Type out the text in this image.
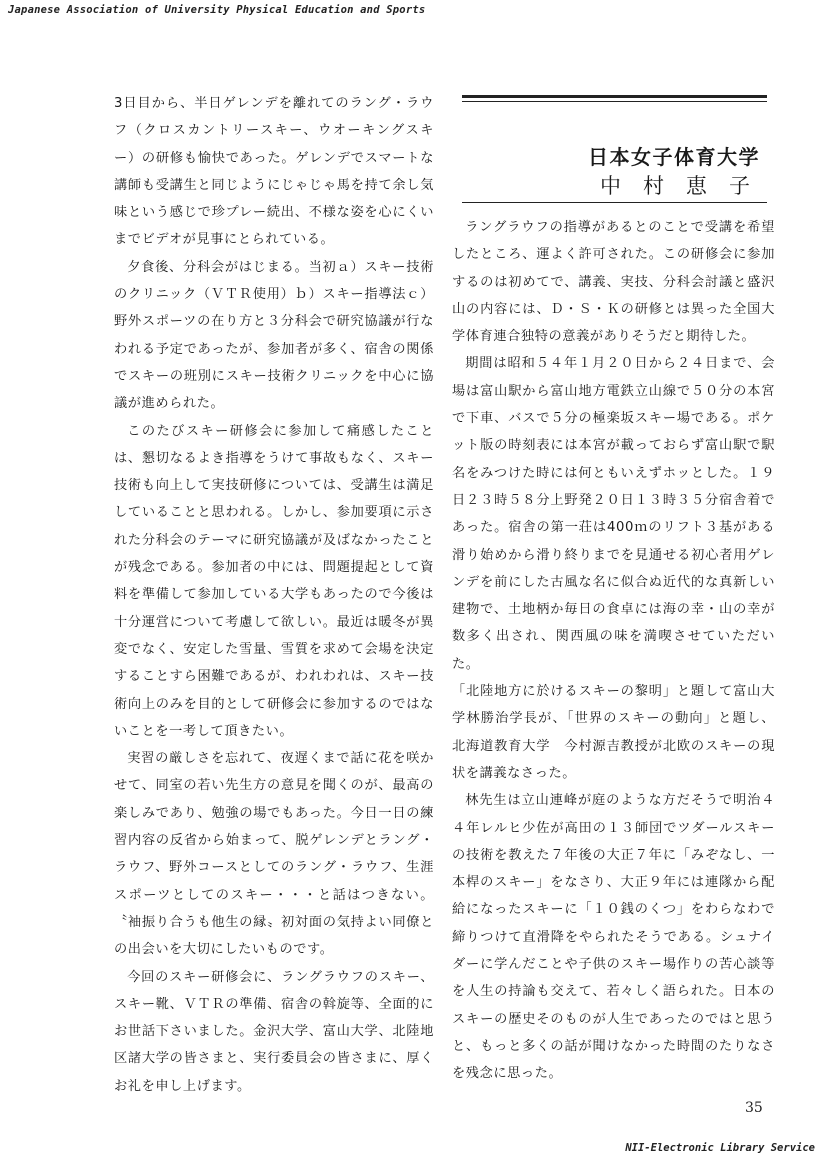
Japanese Association of University Physical Education and Sports

3日目から、半日ゲレンデを離れてのラング・ラウフ（クロスカントリースキー、ウオーキングスキー）の研修も愉快であった。ゲレンデでスマートな講師も受講生と同じようにじゃじゃ馬を持て余し気味という感じで珍プレー続出、不様な姿を心にくいまでビデオが見事にとられている。

夕食後、分科会がはじまる。当初ａ）スキー技術のクリニック（ＶＴＲ使用）ｂ）スキー指導法ｃ）野外スポーツの在り方と３分科会で研究協議が行なわれる予定であったが、参加者が多く、宿舎の関係でスキーの班別にスキー技術クリニックを中心に協議が進められた。

このたびスキー研修会に参加して痛感したことは、懇切なるよき指導をうけて事故もなく、スキー技術も向上して実技研修については、受講生は満足していることと思われる。しかし、参加要項に示された分科会のテーマに研究協議が及ばなかったことが残念である。参加者の中には、問題提起として資料を準備して参加している大学もあったので今後は十分運営について考慮して欲しい。最近は暖冬が異変でなく、安定した雪量、雪質を求めて会場を決定することすら困難であるが、われわれは、スキー技術向上のみを目的として研修会に参加するのではないことを一考して頂きたい。

実習の厳しさを忘れて、夜遅くまで話に花を咲かせて、同室の若い先生方の意見を聞くのが、最高の楽しみであり、勉強の場でもあった。今日一日の練習内容の反省から始まって、脱ゲレンデとラング・ラウフ、野外コースとしてのラング・ラウフ、生涯スポーツとしてのスキー・・・と話はつきない。〝袖振り合うも他生の縁〟初対面の気持よい同僚との出会いを大切にしたいものです。

今回のスキー研修会に、ラングラウフのスキー、スキー靴、ＶＴＲの準備、宿舎の斡旋等、全面的にお世話下さいました。金沢大学、富山大学、北陸地区諸大学の皆さまと、実行委員会の皆さまに、厚くお礼を申し上げます。

日本女子体育大学
中村恵子

ラングラウフの指導があるとのことで受講を希望したところ、運よく許可された。この研修会に参加するのは初めてで、講義、実技、分科会討議と盛沢山の内容には、Ｄ・Ｓ・Ｋの研修とは異った全国大学体育連合独特の意義がありそうだと期待した。

期間は昭和５４年１月２０日から２４日まで、会場は富山駅から富山地方電鉄立山線で５０分の本宮で下車、バスで５分の極楽坂スキー場である。ポケット版の時刻表には本宮が載っておらず富山駅で駅名をみつけた時には何ともいえずホッとした。１９日２３時５８分上野発２０日１３時３５分宿舎着であった。宿舎の第一荘は400ｍのリフト３基がある滑り始めから滑り終りまでを見通せる初心者用ゲレンデを前にした古風な名に似合ぬ近代的な真新しい建物で、土地柄か毎日の食卓には海の幸・山の幸が数多く出され、関西風の味を満喫させていただいた。

「北陸地方に於けるスキーの黎明」と題して富山大学林勝治学長が、「世界のスキーの動向」と題し、北海道教育大学　今村源吉教授が北欧のスキーの現状を講義なさった。

林先生は立山連峰が庭のような方だそうで明治４４年レルヒ少佐が高田の１３師団でツダールスキーの技術を教えた７年後の大正７年に「みぞなし、一本桿のスキー」をなさり、大正９年には連隊から配給になったスキーに「１０銭のくつ」をわらなわで締りつけて直滑降をやられたそうである。シュナイダーに学んだことや子供のスキー場作りの苦心談等を人生の持論も交えて、若々しく語られた。日本のスキーの歴史そのものが人生であったのではと思うと、もっと多くの話が聞けなかった時間のたりなさを残念に思った。

35
NII-Electronic Library Service
